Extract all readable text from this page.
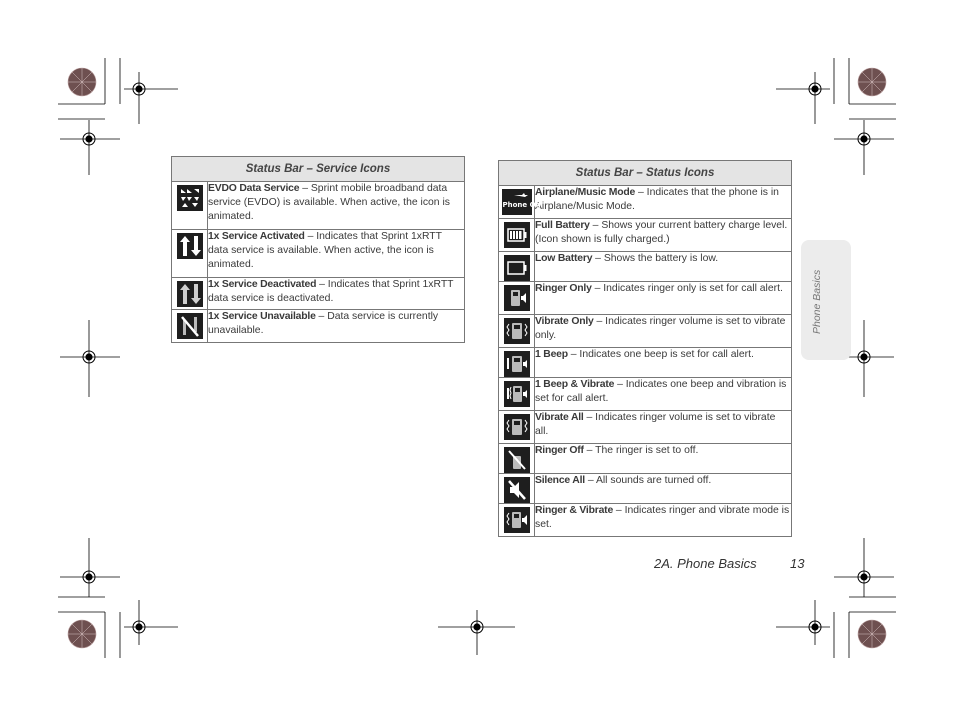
Status Bar – Service Icons	

	EVDO Data Service – Sprint mobile broadband data service (EVDO) is available. When active, the icon is animated.

	1x Service Activated – Indicates that Sprint 1xRTT data service is available. When active, the icon is animated.

	1x Service Deactivated – Indicates that Sprint 1xRTT data service is deactivated.

	1x Service Unavailable – Data service is currently unavailable.
Status Bar – Status Icons	

Phone Off	Airplane/Music Mode – Indicates that the phone is in Airplane/Music Mode.

	Full Battery – Shows your current battery charge level. (Icon shown is fully charged.)

	Low Battery – Shows the battery is low.

	Ringer Only – Indicates ringer only is set for call alert.

	Vibrate Only – Indicates ringer volume is set to vibrate only.

	1 Beep – Indicates one beep is set for call alert.

	1 Beep & Vibrate – Indicates one beep and vibration is set for call alert.

	Vibrate All – Indicates ringer volume is set to vibrate all.

	Ringer Off – The ringer is set to off.

	Silence All – All sounds are turned off.

	Ringer & Vibrate – Indicates ringer and vibrate mode is set.
Phone Basics
2A. Phone Basics	13
